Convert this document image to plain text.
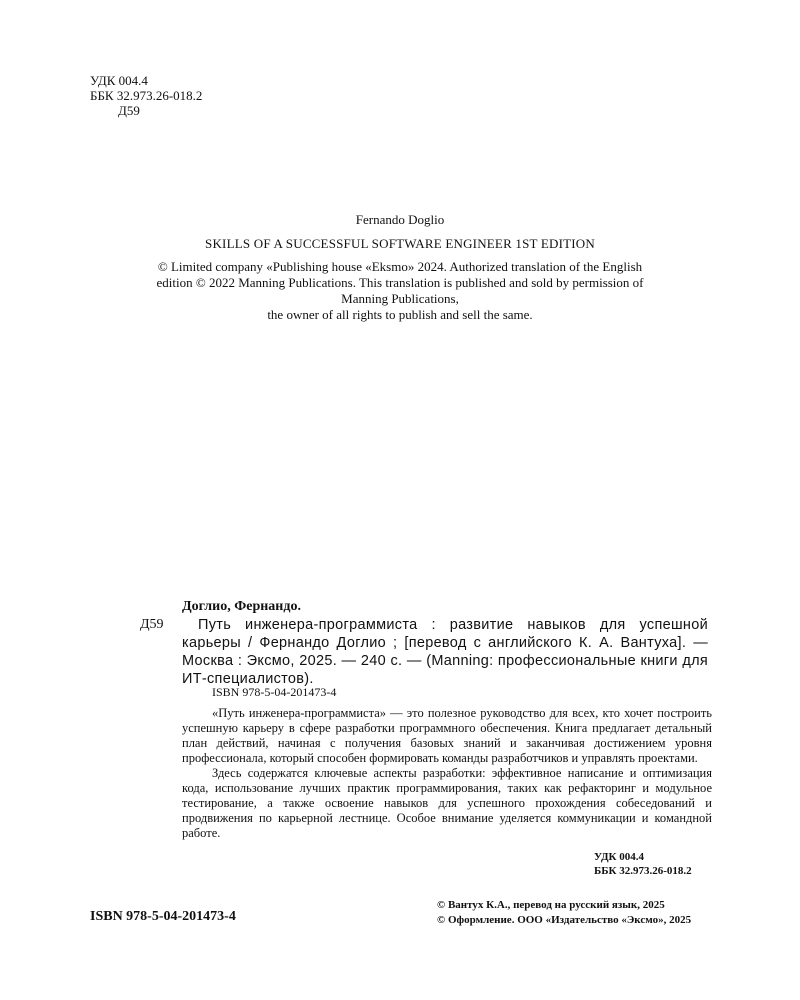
УДК 004.4
ББК 32.973.26-018.2
Д59
Fernando Doglio
SKILLS OF A SUCCESSFUL SOFTWARE ENGINEER 1ST EDITION
© Limited company «Publishing house «Eksmo» 2024. Authorized translation of the English
edition © 2022 Manning Publications. This translation is published and sold by permission of
Manning Publications,
the owner of all rights to publish and sell the same.
Доглио, Фернандо.
Д59	Путь инженера-программиста : развитие навыков для успешной карьеры / Фернандо Доглио ; [перевод с английского К. А. Вантуха]. — Москва : Эксмо, 2025. — 240 с. — (Manning: профессиональные книги для ИТ-специалистов).

ISBN 978-5-04-201473-4

«Путь инженера-программиста» — это полезное руководство для всех, кто хочет построить успешную карьеру в сфере разработки программного обеспечения. Книга предлагает детальный план действий, начиная с получения базовых знаний и заканчивая достижением уровня профессионала, который способен формировать команды разработчиков и управлять проектами.

Здесь содержатся ключевые аспекты разработки: эффективное написание и оптимизация кода, использование лучших практик программирования, таких как рефакторинг и модульное тестирование, а также освоение навыков для успешного прохождения собеседований и продвижения по карьерной лестнице. Особое внимание уделяется коммуникации и командной работе.

УДК 004.4
ББК 32.973.26-018.2
ISBN 978-5-04-201473-4
© Вантух К.А., перевод на русский язык, 2025
© Оформление. ООО «Издательство «Эксмо», 2025
